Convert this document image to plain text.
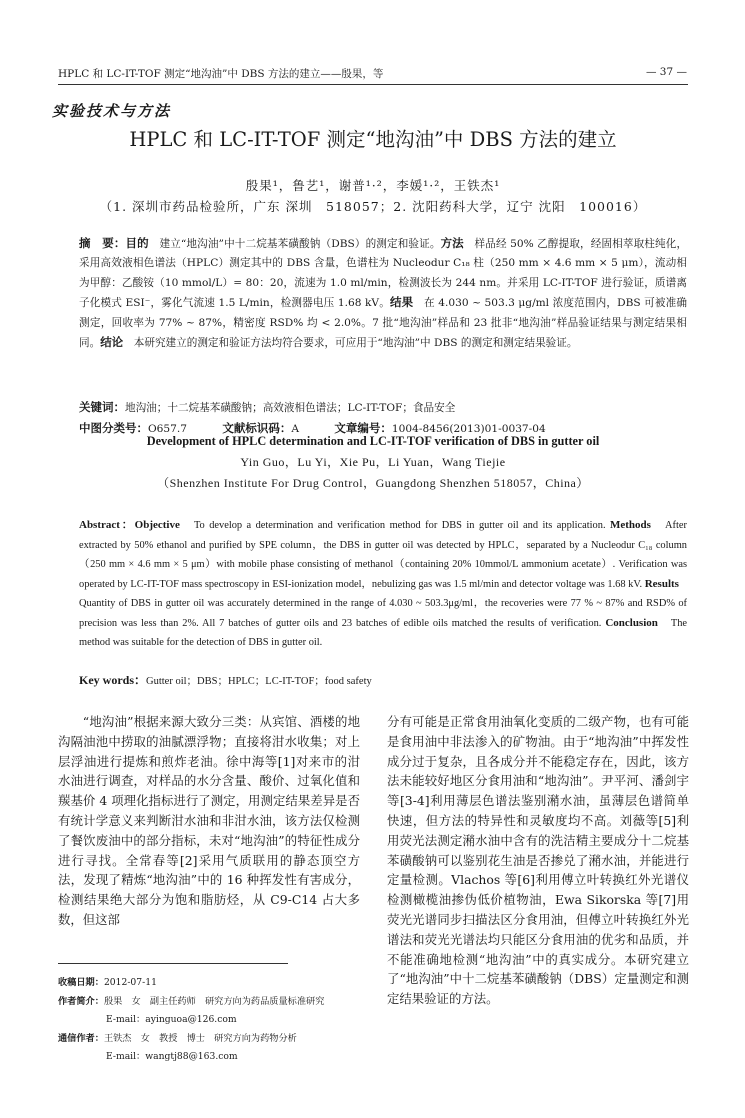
HPLC 和 LC-IT-TOF 测定“地沟油”中 DBS 方法的建立——殷果，等	— 37 —
实验技术与方法
HPLC 和 LC-IT-TOF 测定“地沟油”中 DBS 方法的建立
殷果¹，鲁艺¹，谢普¹·²，李媛¹·²，王铁杰¹
（1. 深圳市药品检验所，广东 深圳　518057；2. 沈阳药科大学，辽宁 沈阳　100016）
摘　要：目的　建立“地沟油”中十二烷基苯磺酸钠（DBS）的测定和验证。方法　样品经 50% 乙醇提取，经固相萃取柱纯化，采用高效液相色谱法（HPLC）测定其中的 DBS 含量，色谱柱为 Nucleodur C₁₈ 柱（250 mm × 4.6 mm × 5 μm），流动相为甲醇：乙酸铵（10 mmol/L）= 80：20，流速为 1.0 ml/min，检测波长为 244 nm。并采用 LC-IT-TOF 进行验证，质谱离子化模式 ESI⁻，雾化气流速 1.5 L/min，检测器电压 1.68 kV。结果　在 4.030 ~ 503.3 μg/ml 浓度范围内，DBS 可被准确测定，回收率为 77% ~ 87%，精密度 RSD% 均 < 2.0%。7 批“地沟油”样品和 23 批非“地沟油”样品验证结果与测定结果相同。结论　本研究建立的测定和验证方法均符合要求，可应用于“地沟油”中 DBS 的测定和测定结果验证。
关键词：地沟油；十二烷基苯磺酸钠；高效液相色谱法；LC-IT-TOF；食品安全
中图分类号：O657.7	文献标识码：A	文章编号：1004-8456(2013)01-0037-04
Development of HPLC determination and LC-IT-TOF verification of DBS in gutter oil
Yin Guo，Lu Yi，Xie Pu，Li Yuan，Wang Tiejie
（Shenzhen Institute For Drug Control，Guangdong Shenzhen 518057，China）
Abstract：Objective　To develop a determination and verification method for DBS in gutter oil and its application. Methods　After extracted by 50% ethanol and purified by SPE column，the DBS in gutter oil was detected by HPLC，separated by a Nucleodur C₁₈ column（250 mm × 4.6 mm × 5 μm）with mobile phase consisting of methanol（containing 20% 10mmol/L ammonium acetate）. Verification was operated by LC-IT-TOF mass spectroscopy in ESI-ionization model，nebulizing gas was 1.5 ml/min and detector voltage was 1.68 kV. Results　Quantity of DBS in gutter oil was accurately determined in the range of 4.030 ~ 503.3μg/ml，the recoveries were 77 % ~ 87% and RSD% of precision was less than 2%. All 7 batches of gutter oils and 23 batches of edible oils matched the results of verification. Conclusion　The method was suitable for the detection of DBS in gutter oil.
Key words：Gutter oil；DBS；HPLC；LC-IT-TOF；food safety
“地沟油”根据来源大致分三类：从宾馆、酒楼的地沟隔油池中捞取的油腻漂浮物；直接将泔水收集；对上层浮油进行提炼和煎炸老油。徐中海等[1]对来市的泔水油进行调查，对样品的水分含量、酸价、过氧化值和羰基价 4 项理化指标进行了测定，用测定结果差异是否有统计学意义来判断泔水油和非泔水油，该方法仅检测了餐饮废油中的部分指标，未对“地沟油”的特征性成分进行寻找。全常春等[2]采用气质联用的静态顶空方法，发现了精炼“地沟油”中的 16 种挥发性有害成分，检测结果绝大部分为饱和脂肪烃，从 C9-C14 占大多数，但这部
分有可能是正常食用油氧化变质的二级产物，也有可能是食用油中非法渗入的矿物油。由于“地沟油”中挥发性成分过于复杂，且各成分并不能稳定存在，因此，该方法未能较好地区分食用油和“地沟油”。尹平河、潘剑宇等[3-4]利用薄层色谱法鉴别潲水油，虽薄层色谱简单快速，但方法的特异性和灵敏度均不高。刘薇等[5]利用荧光法测定潲水油中含有的洗洁精主要成分十二烷基苯磺酸钠可以鉴别花生油是否掺兑了潲水油，并能进行定量检测。Vlachos 等[6]利用傅立叶转换红外光谱仪检测橄榄油掺伪低价植物油，Ewa Sikorska 等[7]用荧光光谱同步扫描法区分食用油，但傅立叶转换红外光谱法和荧光光谱法均只能区分食用油的优劣和品质，并不能准确地检测“地沟油”中的真实成分。本研究建立了“地沟油”中十二烷基苯磺酸钠（DBS）定量测定和测定结果验证的方法。
收稿日期：2012-07-11
作者简介：殷果　女　副主任药师　研究方向为药品质量标准研究
E-mail：ayinguoa@126.com
通信作者：王铁杰　女　教授　博士　研究方向为药物分析
E-mail：wangtj88@163.com
